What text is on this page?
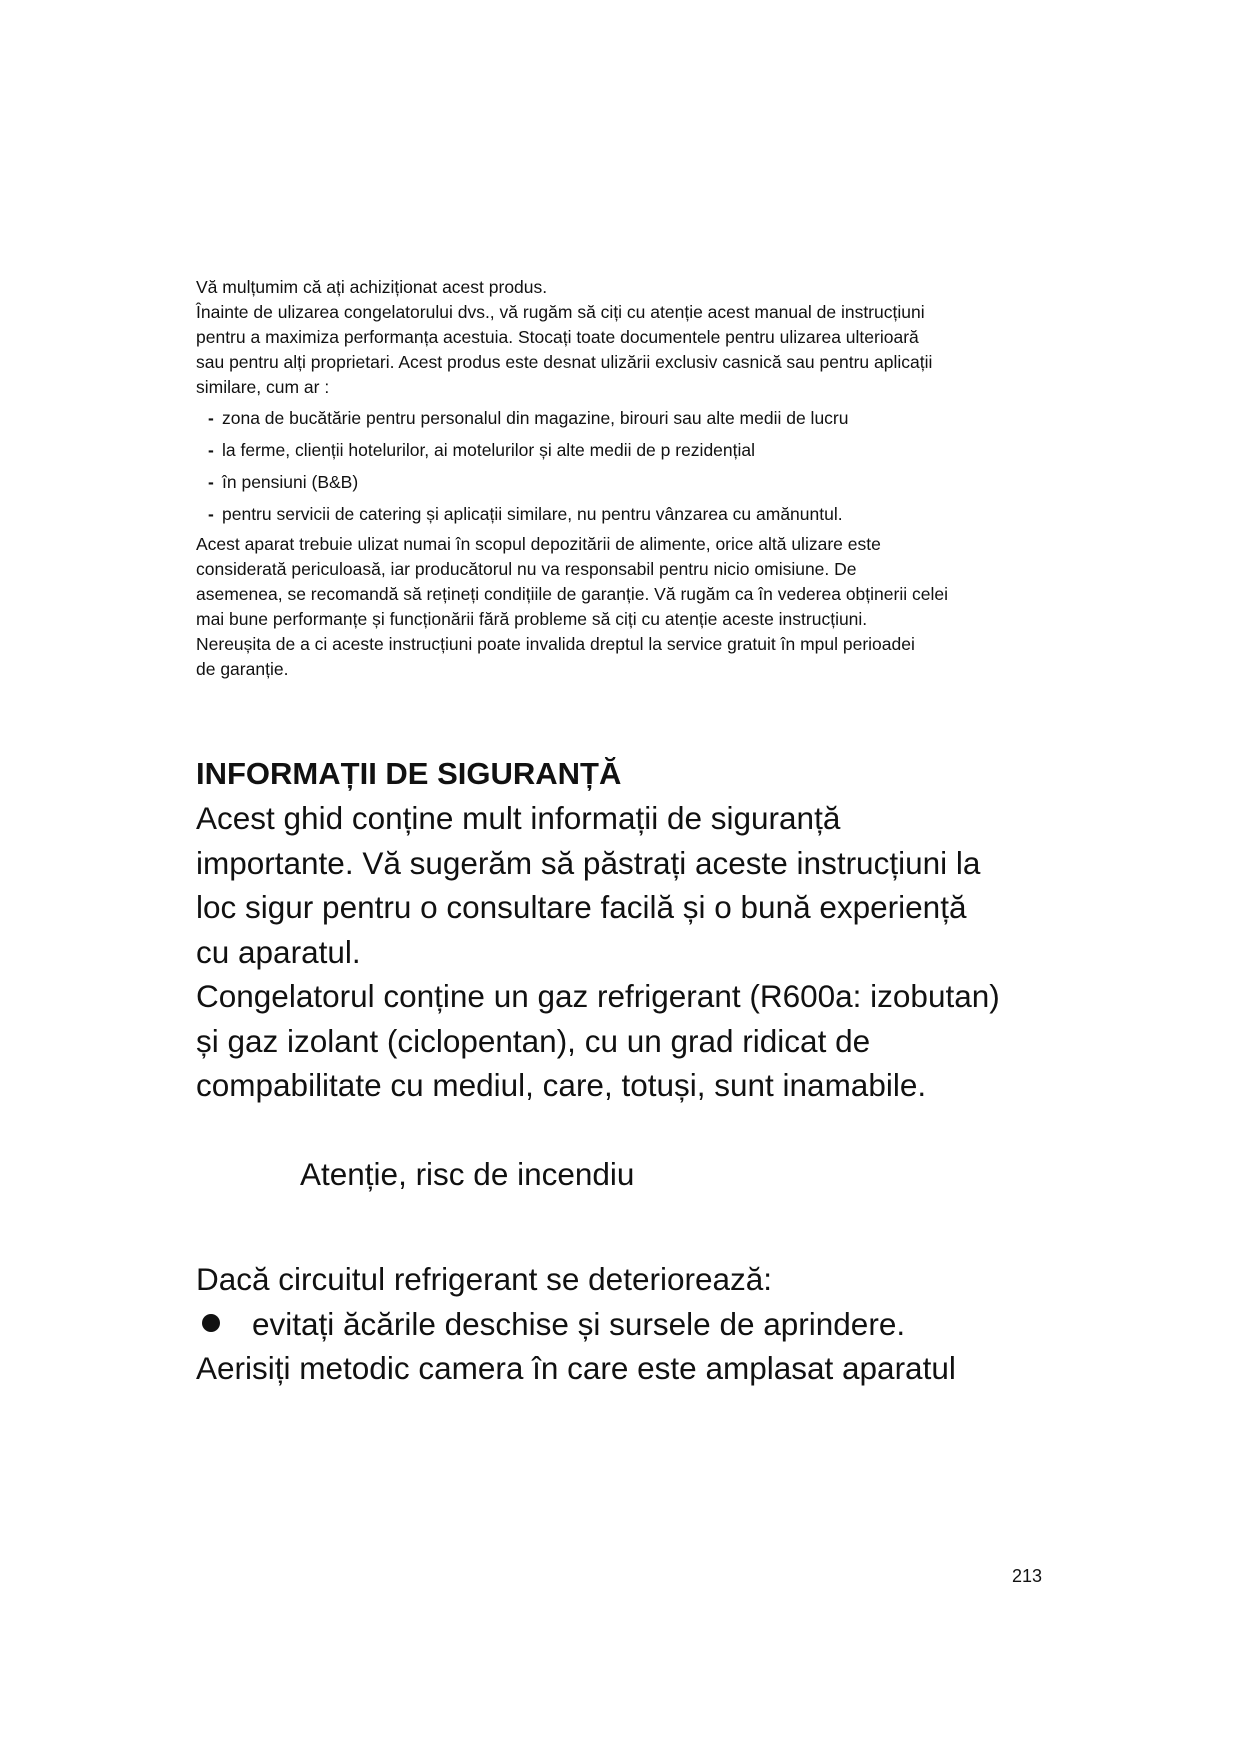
Vă mulțumim că ați achiziționat acest produs.

Înainte de ulizarea congelatorului dvs., vă rugăm să ciți cu atenție acest manual de instrucțiuni

pentru a maximiza performanța acestuia. Stocați toate documentele pentru ulizarea ulterioară

sau pentru alți proprietari. Acest produs este desnat ulizării exclusiv casnică sau pentru aplicații

similare, cum ar :

- zona de bucătărie pentru personalul din magazine, birouri sau alte medii de lucru
- la ferme, clienții hotelurilor, ai motelurilor și alte medii de p rezidențial
- în pensiuni (B&B)
- pentru servicii de catering și aplicații similare, nu pentru vânzarea cu amănuntul.

Acest aparat trebuie ulizat numai în scopul depozitării de alimente, orice altă ulizare este

considerată periculoasă, iar producătorul nu va responsabil pentru nicio omisiune. De

asemenea, se recomandă să rețineți condițiile de garanție. Vă rugăm ca în vederea obținerii celei

mai bune performanțe și funcționării fără probleme să ciți cu atenție aceste instrucțiuni.

Nereușita de a ci aceste instrucțiuni poate invalida dreptul la service gratuit în mpul perioadei

de garanție.

INFORMAȚII DE SIGURANȚĂ

Acest ghid conține mult informații de siguranță

importante. Vă sugerăm să păstrați aceste instrucțiuni la

loc sigur pentru o consultare facilă și o bună experiență

cu aparatul.

Congelatorul conține un gaz refrigerant (R600a: izobutan)

și gaz izolant (ciclopentan), cu un grad ridicat de

compabilitate cu mediul, care, totuși, sunt inamabile.

Atenție, risc de incendiu

Dacă circuitul refrigerant se deteriorează:

evitați ăcările deschise și sursele de aprindere.

Aerisiți metodic camera în care este amplasat aparatul

213
